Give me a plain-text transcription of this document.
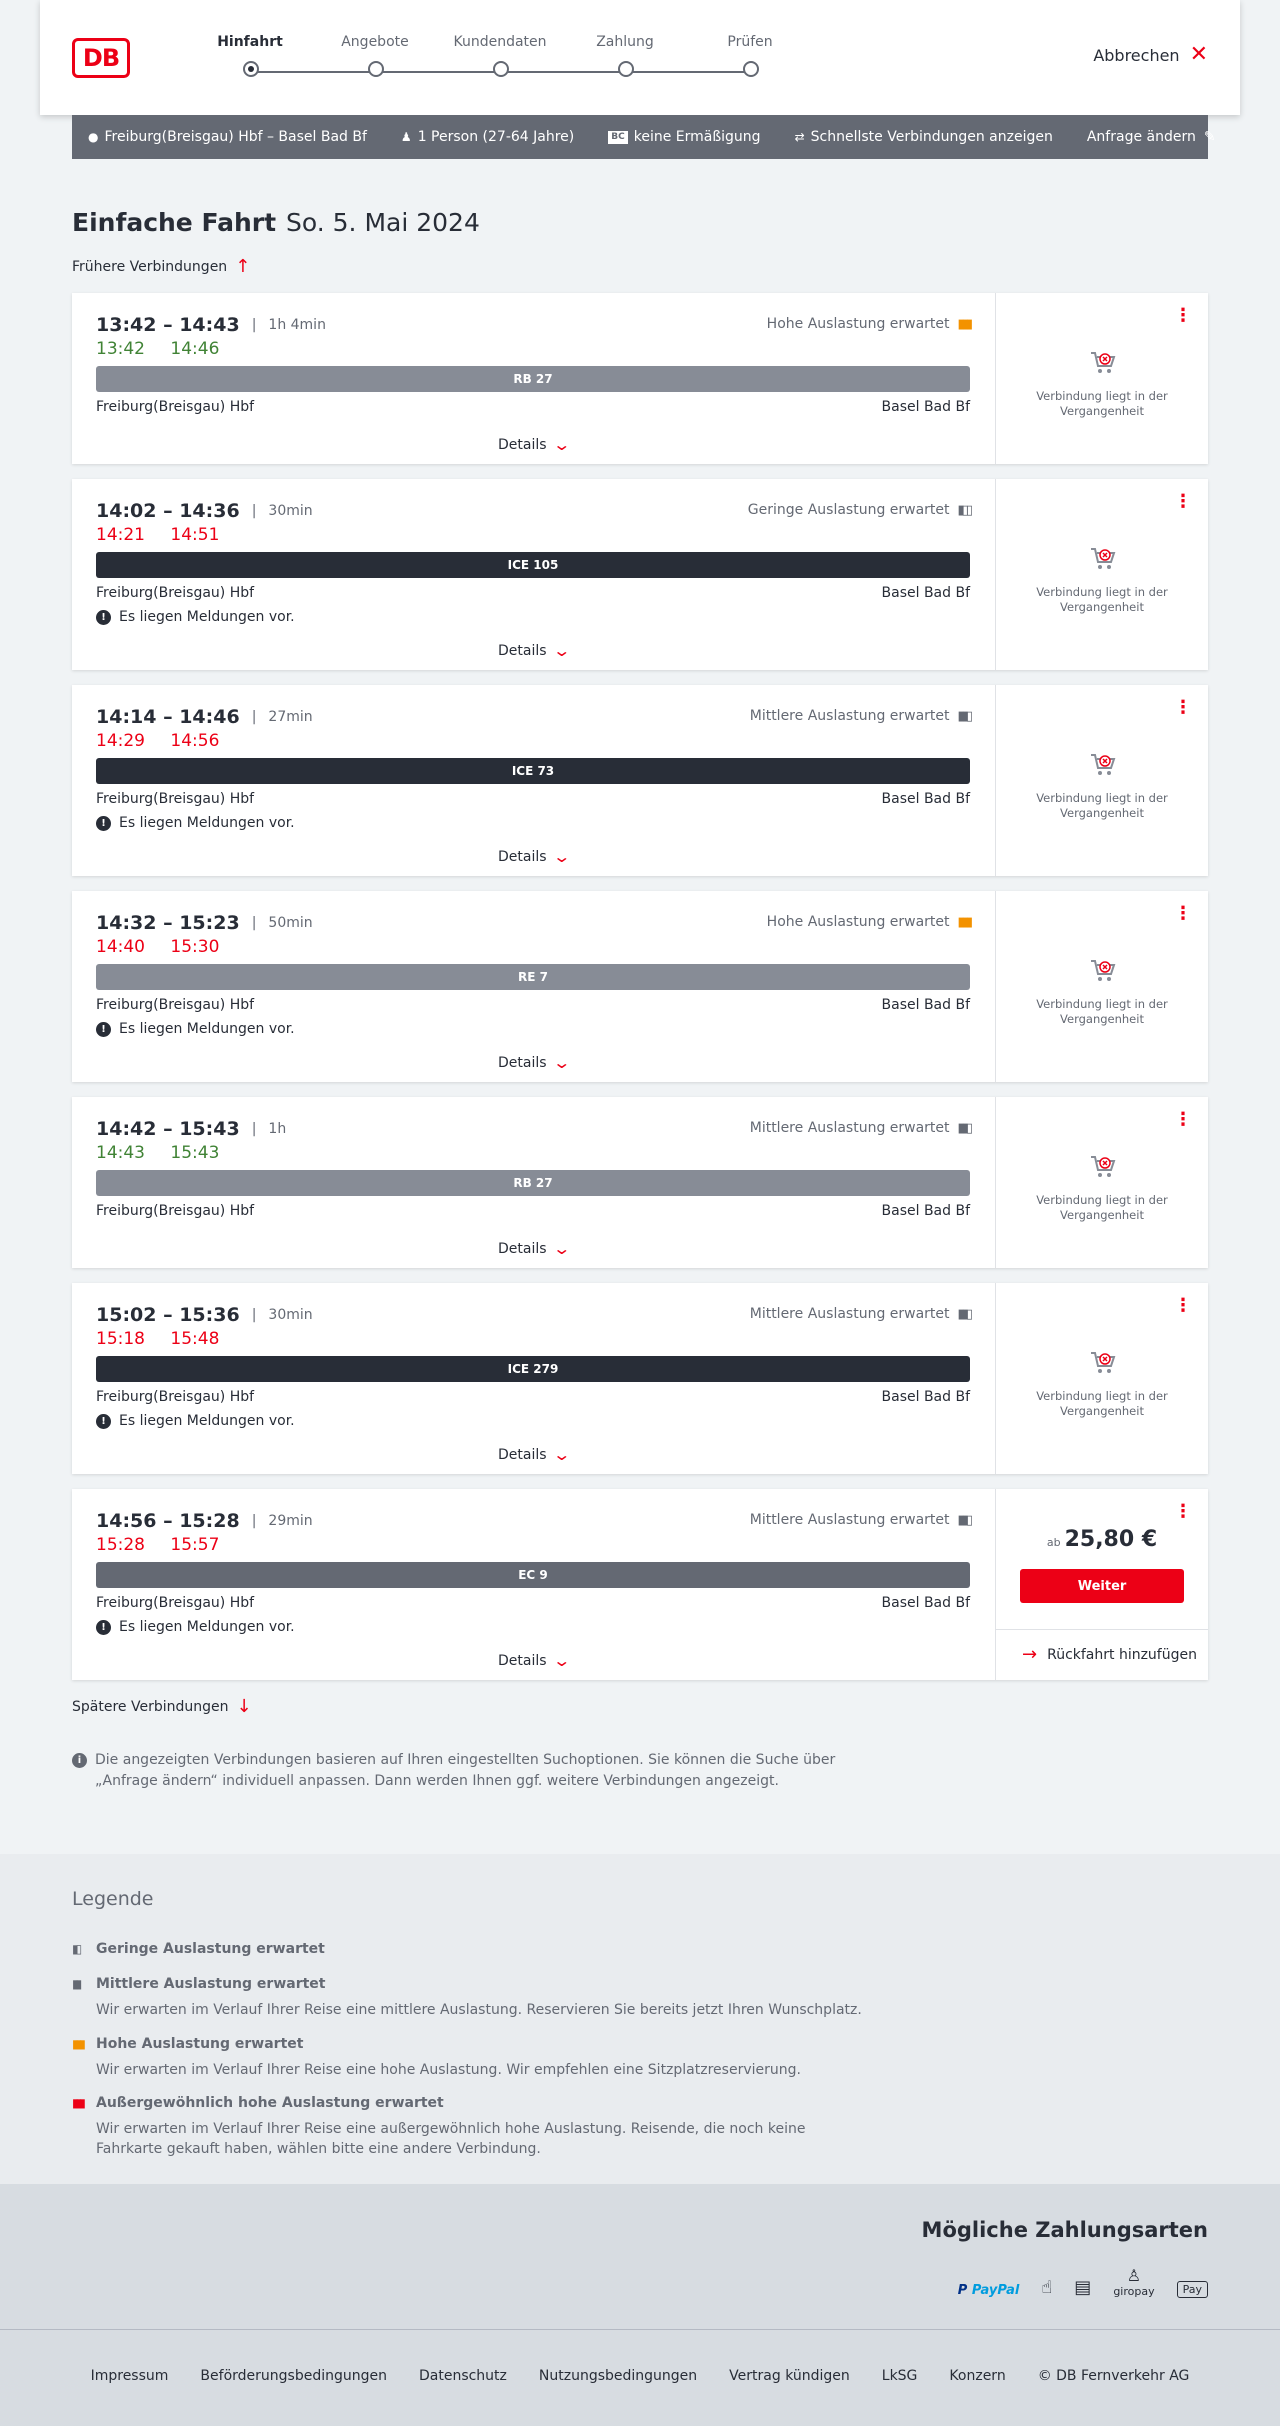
DB
Hinfahrt	Angebote	Kundendaten	Zahlung	Prüfen
Abbrechen ✕
● Freiburg(Breisgau) Hbf – Basel Bad Bf	♟ 1 Person (27-64 Jahre)	BC keine Ermäßigung	⇄ Schnellste Verbindungen anzeigen Anfrage ändern ✎
Einfache Fahrt So. 5. Mai 2024
Frühere Verbindungen ↑
13:42 – 14:43 | 1h 4min
13:42 14:46
Hohe Auslastung erwartet ▮▮▮
RB 27
Freiburg(Breisgau) Hbf	Basel Bad Bf
Details ⌄
⋮
Verbindung liegt in der Vergangenheit
14:02 – 14:36 | 30min
14:21 14:51
Geringe Auslastung erwartet ▮▯▯
ICE 105
Freiburg(Breisgau) Hbf	Basel Bad Bf
! Es liegen Meldungen vor.
Details ⌄
⋮
Verbindung liegt in der Vergangenheit
14:14 – 14:46 | 27min
14:29 14:56
Mittlere Auslastung erwartet ▮▮▯
ICE 73
Freiburg(Breisgau) Hbf	Basel Bad Bf
! Es liegen Meldungen vor.
Details ⌄
⋮
Verbindung liegt in der Vergangenheit
14:32 – 15:23 | 50min
14:40 15:30
Hohe Auslastung erwartet ▮▮▮
RE 7
Freiburg(Breisgau) Hbf	Basel Bad Bf
! Es liegen Meldungen vor.
Details ⌄
⋮
Verbindung liegt in der Vergangenheit
14:42 – 15:43 | 1h
14:43 15:43
Mittlere Auslastung erwartet ▮▮▯
RB 27
Freiburg(Breisgau) Hbf	Basel Bad Bf
Details ⌄
⋮
Verbindung liegt in der Vergangenheit
15:02 – 15:36 | 30min
15:18 15:48
Mittlere Auslastung erwartet ▮▮▯
ICE 279
Freiburg(Breisgau) Hbf	Basel Bad Bf
! Es liegen Meldungen vor.
Details ⌄
⋮
Verbindung liegt in der Vergangenheit
14:56 – 15:28 | 29min
15:28 15:57
Mittlere Auslastung erwartet ▮▮▯
EC 9
Freiburg(Breisgau) Hbf	Basel Bad Bf
! Es liegen Meldungen vor.
Details ⌄
⋮
ab 25,80 €
Weiter
→ Rückfahrt hinzufügen
Spätere Verbindungen ↓
i Die angezeigten Verbindungen basieren auf Ihren eingestellten Suchoptionen. Sie können die Suche über „Anfrage ändern“ individuell anpassen. Dann werden Ihnen ggf. weitere Verbindungen angezeigt.
Legende
▮▯	Geringe Auslastung erwartet
▮▮	Mittlere Auslastung erwartet
Wir erwarten im Verlauf Ihrer Reise eine mittlere Auslastung. Reservieren Sie bereits jetzt Ihren Wunschplatz.
▮▮▮ Hohe Auslastung erwartet
Wir erwarten im Verlauf Ihrer Reise eine hohe Auslastung. Wir empfehlen eine Sitzplatzreservierung.
▮▮▮ Außergewöhnlich hohe Auslastung erwartet
Wir erwarten im Verlauf Ihrer Reise eine außergewöhnlich hohe Auslastung. Reisende, die noch keine Fahrkarte gekauft haben, wählen bitte eine andere Verbindung.
Mögliche Zahlungsarten
P PayPal ☝ ▤
♙
giropay	Pay
Impressum Beförderungsbedingungen Datenschutz Nutzungsbedingungen Vertrag kündigen LkSG Konzern © DB Fernverkehr AG
